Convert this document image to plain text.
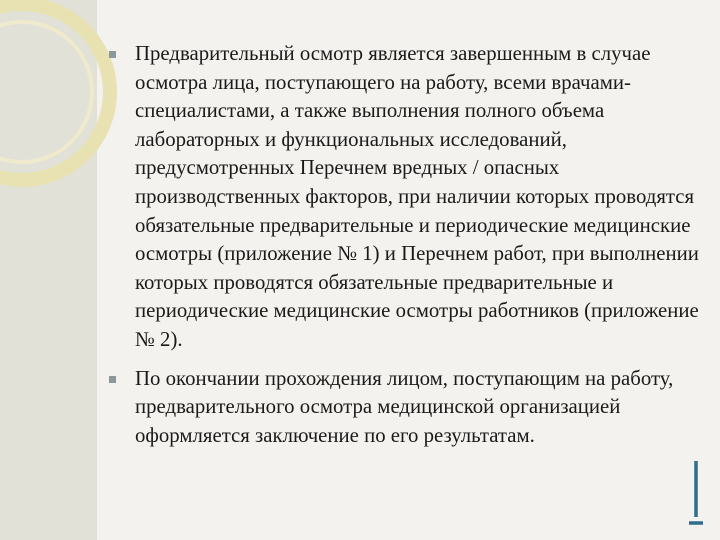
Предварительный осмотр является завершенным в случае осмотра лица, поступающего на работу, всеми врачами-специалистами, а также выполнения полного объема лабораторных и функциональных исследований, предусмотренных Перечнем вредных / опасных производственных факторов, при наличии которых проводятся обязательные предварительные и периодические медицинские осмотры (приложение № 1) и Перечнем работ, при выполнении которых проводятся обязательные предварительные и периодические медицинские осмотры работников (приложение № 2).
По окончании прохождения лицом, поступающим на работу, предварительного осмотра медицинской организацией оформляется заключение по его результатам.
